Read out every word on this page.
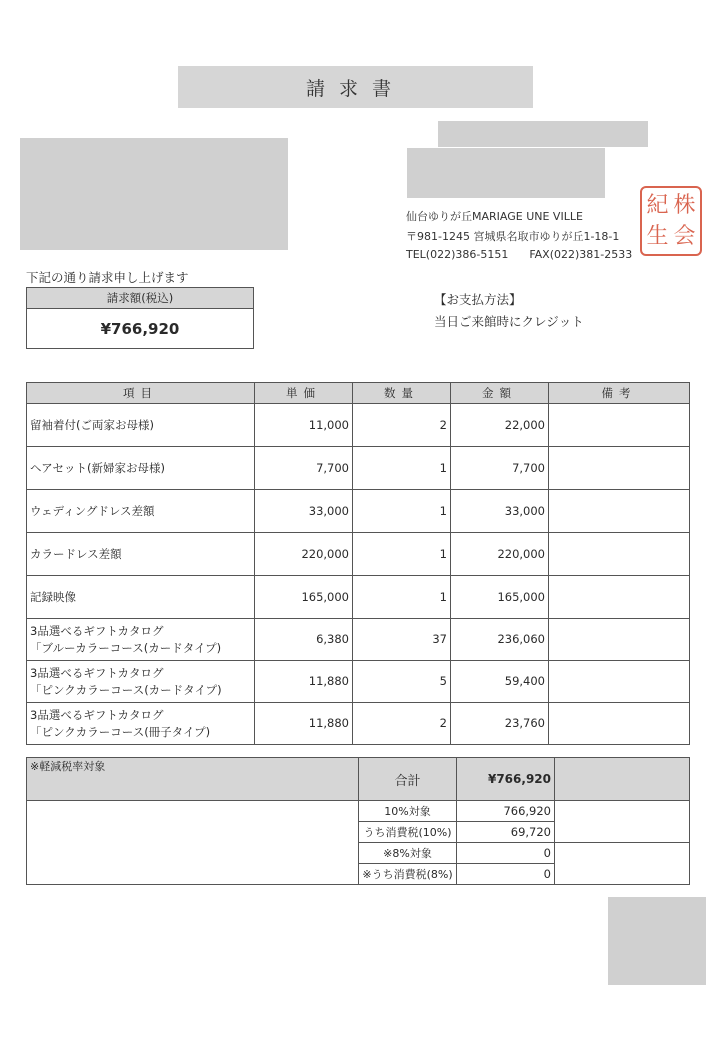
請求書
仙台ゆりが丘MARIAGE UNE VILLE
〒981-1245 宮城県名取市ゆりが丘1-18-1
TEL(022)386-5151 FAX(022)381-2533
紀 株
生 会
下記の通り請求申し上げます
請求額(税込)
¥766,920
【お支払方法】
当日ご来館時にクレジット
項目	単価	数量	金額	備考

留袖着付(ご両家お母様)	11,000	2	22,000	

ヘアセット(新婦家お母様)	7,700	1	7,700	

ウェディングドレス差額	33,000	1	33,000	

カラードレス差額	220,000	1	220,000	

記録映像	165,000	1	165,000	

3品選べるギフトカタログ
「ブルーカラーコース(カードタイプ)	6,380	37	236,060	

3品選べるギフトカタログ
「ピンクカラーコース(カードタイプ)	11,880	5	59,400	

3品選べるギフトカタログ
「ピンクカラーコース(冊子タイプ)	11,880	2	23,760	
※軽減税率対象	合計	¥766,920	
	10%対象	766,920	
	うち消費税(10%)	69,720	
	※8%対象	0	
	※うち消費税(8%)	0	
